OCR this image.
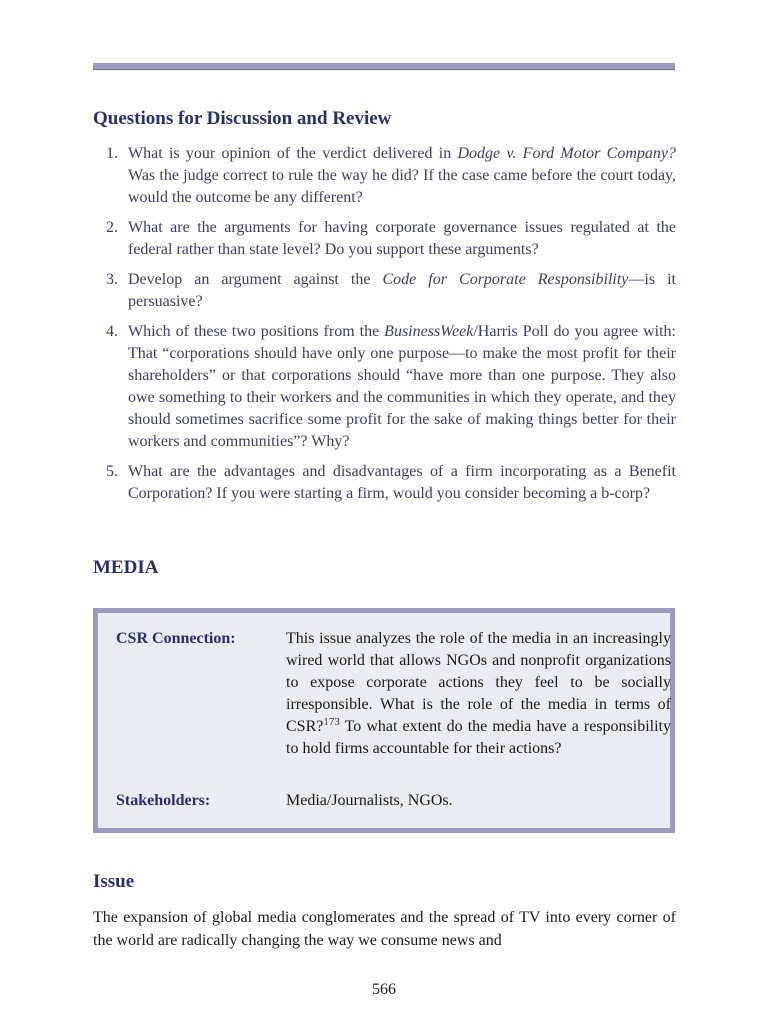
Questions for Discussion and Review
1. What is your opinion of the verdict delivered in Dodge v. Ford Motor Company? Was the judge correct to rule the way he did? If the case came before the court today, would the outcome be any different?
2. What are the arguments for having corporate governance issues regulated at the federal rather than state level? Do you support these arguments?
3. Develop an argument against the Code for Corporate Responsibility—is it persuasive?
4. Which of these two positions from the BusinessWeek/Harris Poll do you agree with: That “corporations should have only one purpose—to make the most profit for their shareholders” or that corporations should “have more than one purpose. They also owe something to their workers and the communities in which they operate, and they should sometimes sacrifice some profit for the sake of making things better for their workers and communities”? Why?
5. What are the advantages and disadvantages of a firm incorporating as a Benefit Corporation? If you were starting a firm, would you consider becoming a b-corp?
MEDIA
CSR Connection:	This issue analyzes the role of the media in an increasingly wired world that allows NGOs and nonprofit organizations to expose corporate actions they feel to be socially irresponsible. What is the role of the media in terms of CSR?$^{173}$ To what extent do the media have a responsibility to hold firms accountable for their actions?
Stakeholders:	Media/Journalists, NGOs.
Issue

The expansion of global media conglomerates and the spread of TV into every corner of the world are radically changing the way we consume news and

566
